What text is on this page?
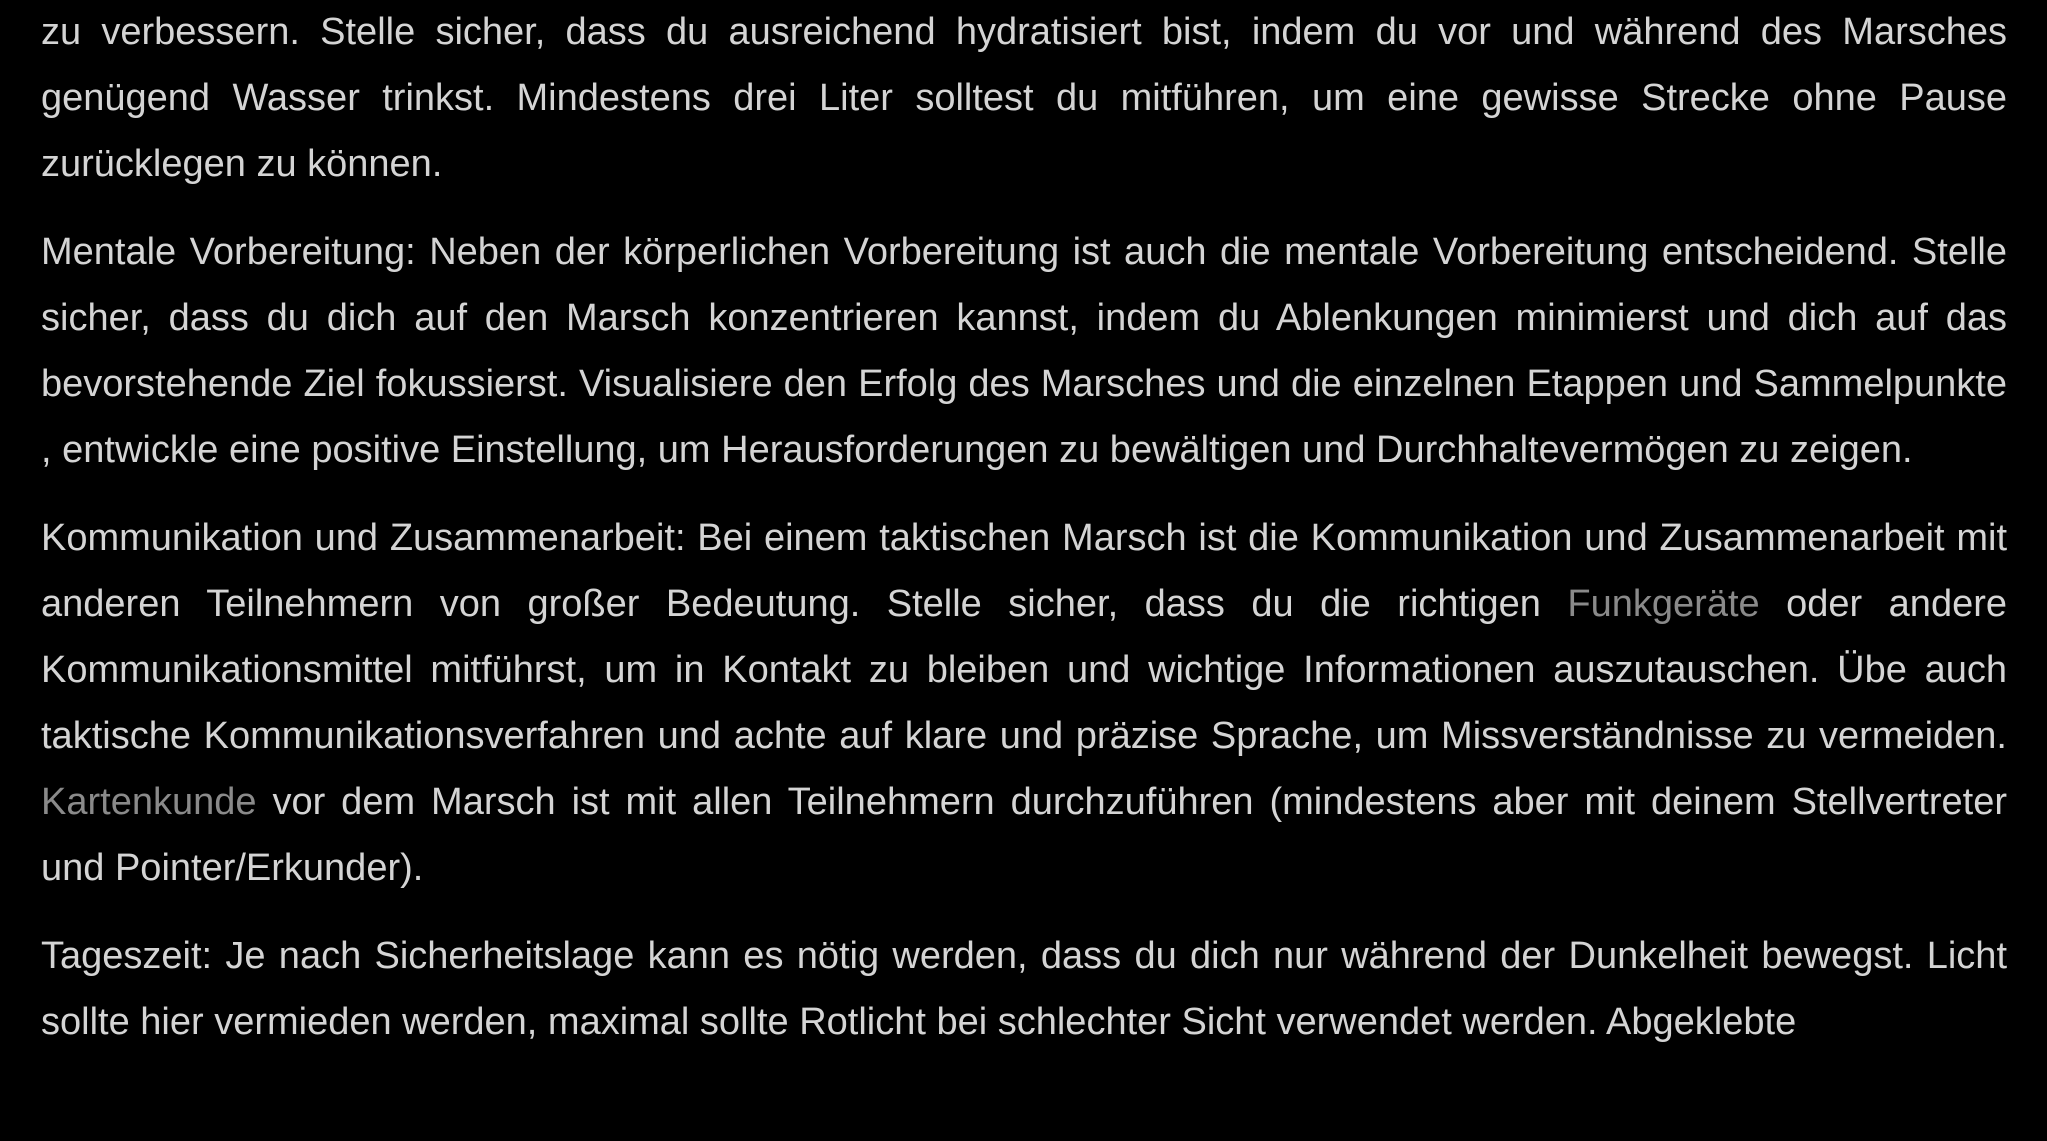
zu verbessern. Stelle sicher, dass du ausreichend hydratisiert bist, indem du vor und während des Marsches genügend Wasser trinkst. Mindestens drei Liter solltest du mitführen, um eine gewisse Strecke ohne Pause zurücklegen zu können.

Mentale Vorbereitung: Neben der körperlichen Vorbereitung ist auch die mentale Vorbereitung entscheidend. Stelle sicher, dass du dich auf den Marsch konzentrieren kannst, indem du Ablenkungen minimierst und dich auf das bevorstehende Ziel fokussierst. Visualisiere den Erfolg des Marsches und die einzelnen Etappen und Sammelpunkte , entwickle eine positive Einstellung, um Herausforderungen zu bewältigen und Durchhaltevermögen zu zeigen.

Kommunikation und Zusammenarbeit: Bei einem taktischen Marsch ist die Kommunikation und Zusammenarbeit mit anderen Teilnehmern von großer Bedeutung. Stelle sicher, dass du die richtigen Funkgeräte oder andere Kommunikationsmittel mitführst, um in Kontakt zu bleiben und wichtige Informationen auszutauschen. Übe auch taktische Kommunikationsverfahren und achte auf klare und präzise Sprache, um Missverständnisse zu vermeiden. Kartenkunde vor dem Marsch ist mit allen Teilnehmern durchzuführen (mindestens aber mit deinem Stellvertreter und Pointer/Erkunder).

Tageszeit: Je nach Sicherheitslage kann es nötig werden, dass du dich nur während der Dunkelheit bewegst. Licht sollte hier vermieden werden, maximal sollte Rotlicht bei schlechter Sicht verwendet werden. Abgeklebte
